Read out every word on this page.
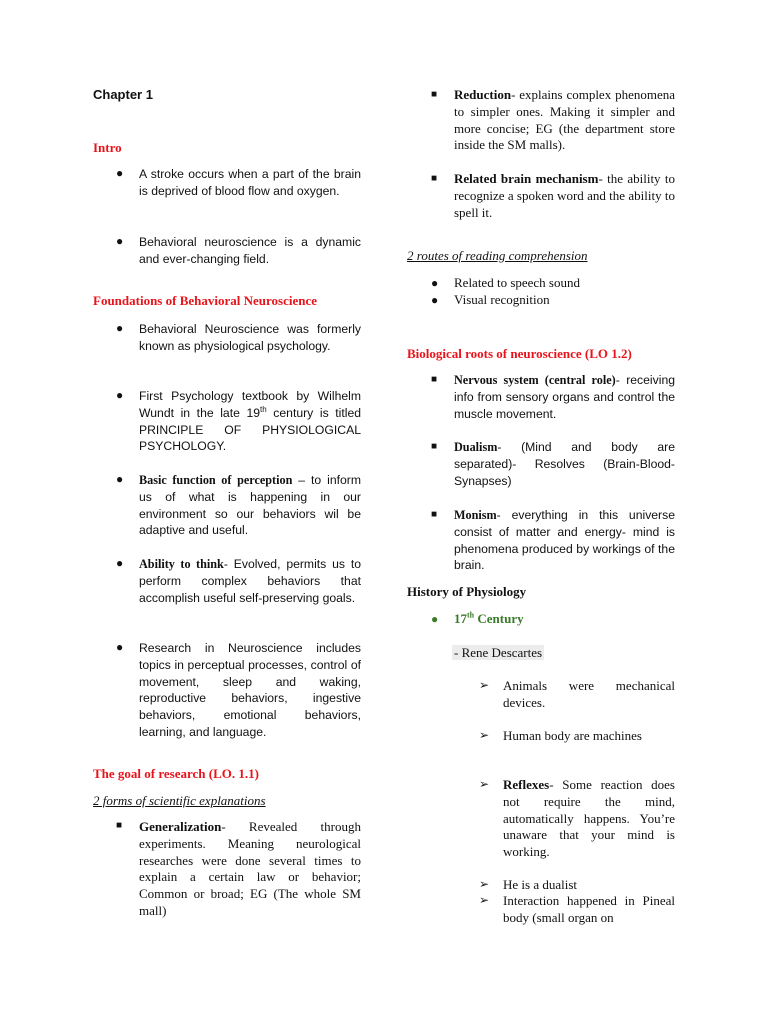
Chapter 1
Intro
● A stroke occurs when a part of the brain is deprived of blood flow and oxygen.
● Behavioral neuroscience is a dynamic and ever-changing field.
Foundations of Behavioral Neuroscience
● Behavioral Neuroscience was formerly known as physiological psychology.
● First Psychology textbook by Wilhelm Wundt in the late 19th century is titled PRINCIPLE OF PHYSIOLOGICAL PSYCHOLOGY.
● Basic function of perception – to inform us of what is happening in our environment so our behaviors wil be adaptive and useful.
● Ability to think- Evolved, permits us to perform complex behaviors that accomplish useful self-preserving goals.
● Research in Neuroscience includes topics in perceptual processes, control of movement, sleep and waking, reproductive behaviors, ingestive behaviors, emotional behaviors, learning, and language.
The goal of research (LO. 1.1)
2 forms of scientific explanations
■ Generalization- Revealed through experiments. Meaning neurological researches were done several times to explain a certain law or behavior; Common or broad; EG (The whole SM mall)
■ Reduction- explains complex phenomena to simpler ones. Making it simpler and more concise; EG (the department store inside the SM malls).
■ Related brain mechanism- the ability to recognize a spoken word and the ability to spell it.
2 routes of reading comprehension
● Related to speech sound
● Visual recognition
Biological roots of neuroscience (LO 1.2)
■ Nervous system (central role)- receiving info from sensory organs and control the muscle movement.
■ Dualism- (Mind and body are separated)- Resolves (Brain-Blood-Synapses)
■ Monism- everything in this universe consist of matter and energy- mind is phenomena produced by workings of the brain.
History of Physiology
● 17th Century
- Rene Descartes
➢ Animals were mechanical devices.
➢ Human body are machines
➢ Reflexes- Some reaction does not require the mind, automatically happens. You’re unaware that your mind is working.
➢ He is a dualist
➢ Interaction happened in Pineal body (small organ on
